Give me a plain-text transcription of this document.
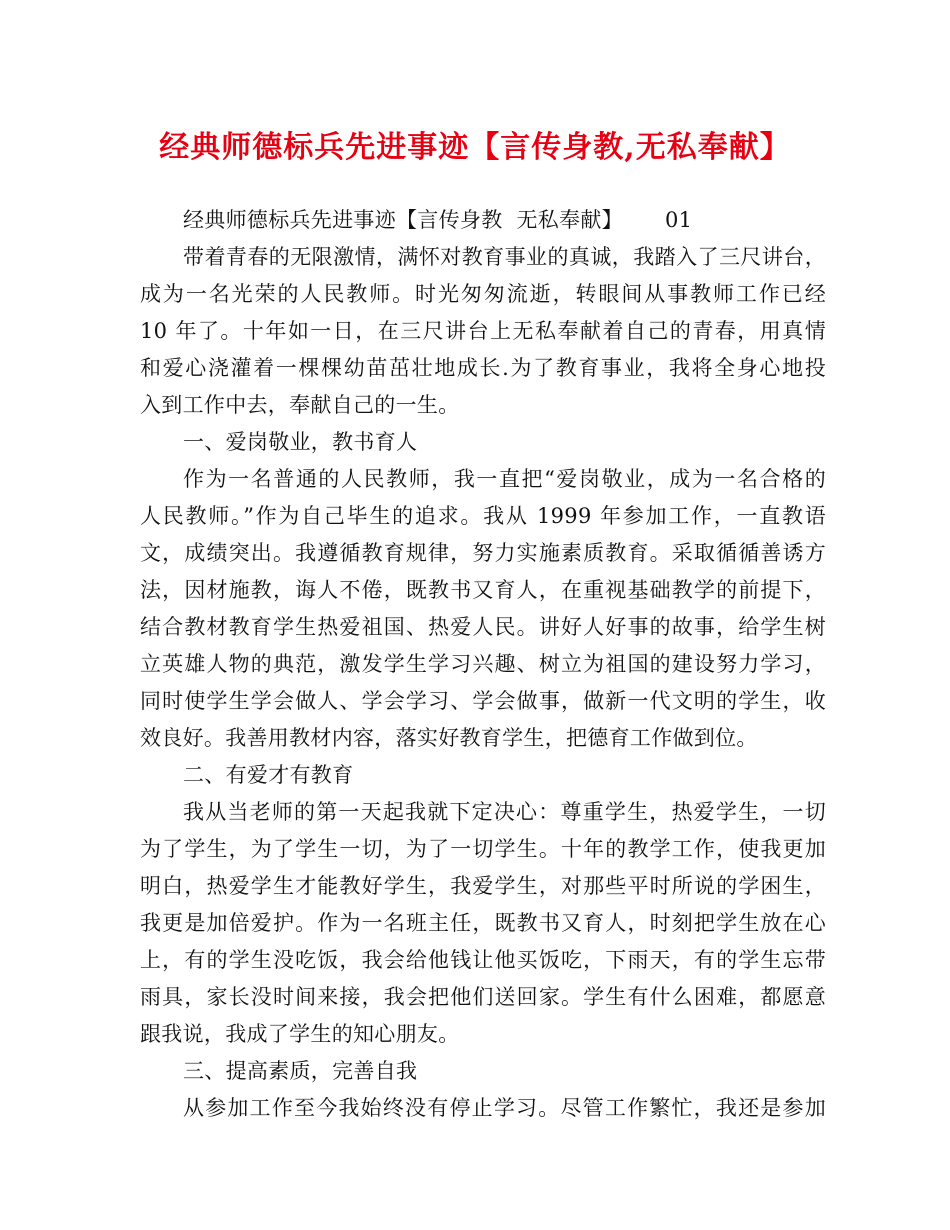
经典师德标兵先进事迹【言传身教,无私奉献】
经典师德标兵先进事迹【言传身教  无私奉献】 01
带着青春的无限激情，满怀对教育事业的真诚，我踏入了三尺讲台，
成为一名光荣的人民教师。时光匆匆流逝，转眼间从事教师工作已经
10 年了。十年如一日，在三尺讲台上无私奉献着自己的青春，用真情
和爱心浇灌着一棵棵幼苗茁壮地成长.为了教育事业，我将全身心地投
入到工作中去，奉献自己的一生。
一、爱岗敬业，教书育人
作为一名普通的人民教师，我一直把“爱岗敬业，成为一名合格的
人民教师。”作为自己毕生的追求。我从 1999 年参加工作，一直教语
文，成绩突出。我遵循教育规律，努力实施素质教育。采取循循善诱方
法，因材施教，诲人不倦，既教书又育人，在重视基础教学的前提下，
结合教材教育学生热爱祖国、热爱人民。讲好人好事的故事，给学生树
立英雄人物的典范，激发学生学习兴趣、树立为祖国的建设努力学习，
同时使学生学会做人、学会学习、学会做事，做新一代文明的学生，收
效良好。我善用教材内容，落实好教育学生，把德育工作做到位。
二、有爱才有教育
我从当老师的第一天起我就下定决心：尊重学生，热爱学生，一切
为了学生，为了学生一切，为了一切学生。十年的教学工作，使我更加
明白，热爱学生才能教好学生，我爱学生，对那些平时所说的学困生，
我更是加倍爱护。作为一名班主任，既教书又育人，时刻把学生放在心
上，有的学生没吃饭，我会给他钱让他买饭吃，下雨天，有的学生忘带
雨具，家长没时间来接，我会把他们送回家。学生有什么困难，都愿意
跟我说，我成了学生的知心朋友。
三、提高素质，完善自我
从参加工作至今我始终没有停止学习。尽管工作繁忙，我还是参加
